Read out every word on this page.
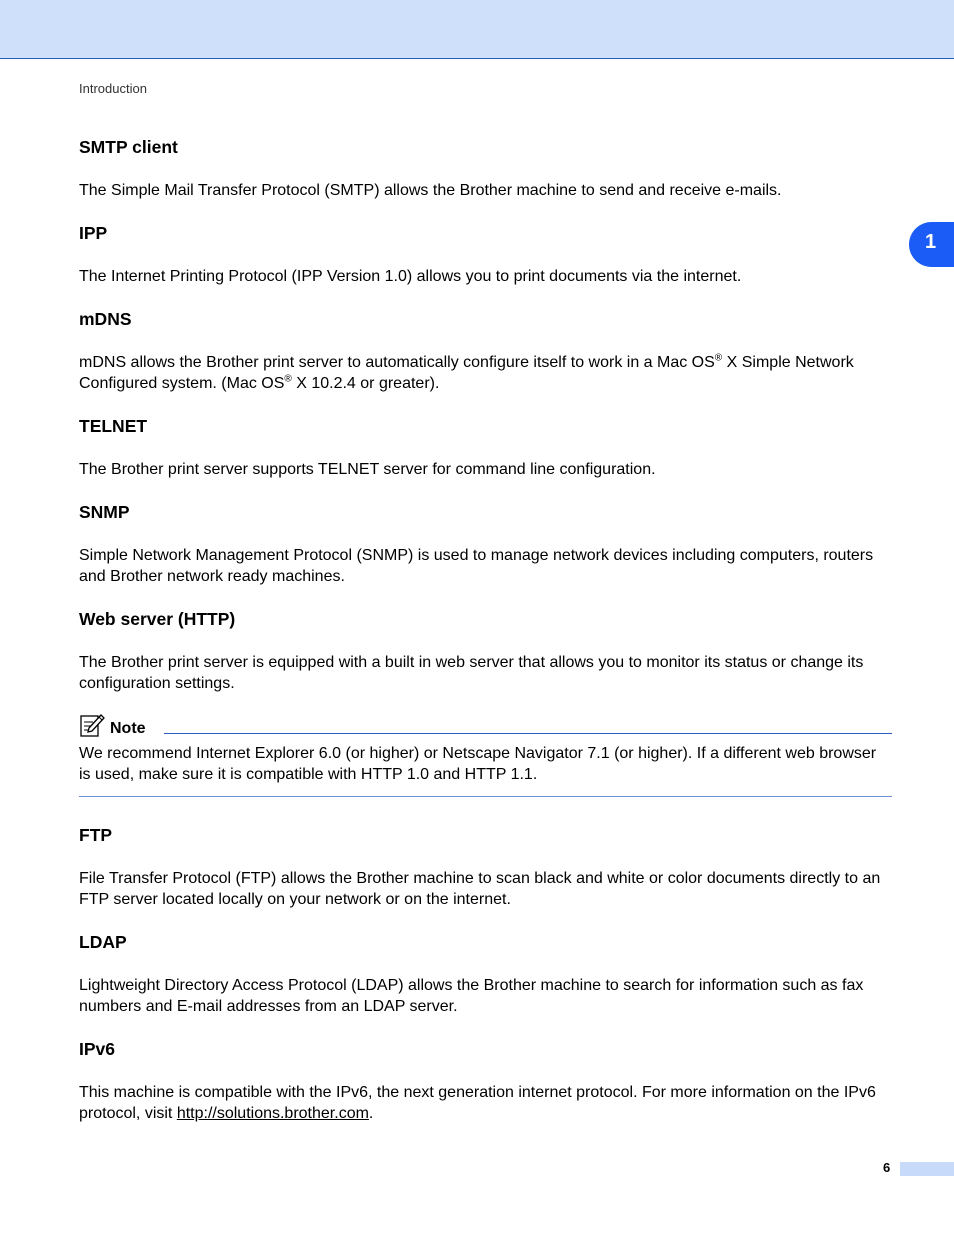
Introduction
1
SMTP client

The Simple Mail Transfer Protocol (SMTP) allows the Brother machine to send and receive e-mails.

IPP

The Internet Printing Protocol (IPP Version 1.0) allows you to print documents via the internet.

mDNS

mDNS allows the Brother print server to automatically configure itself to work in a Mac OS® X Simple Network Configured system. (Mac OS® X 10.2.4 or greater).

TELNET

The Brother print server supports TELNET server for command line configuration.

SNMP

Simple Network Management Protocol (SNMP) is used to manage network devices including computers, routers and Brother network ready machines.

Web server (HTTP)

The Brother print server is equipped with a built in web server that allows you to monitor its status or change its configuration settings.

Note
We recommend Internet Explorer 6.0 (or higher) or Netscape Navigator 7.1 (or higher). If a different web browser is used, make sure it is compatible with HTTP 1.0 and HTTP 1.1.
FTP

File Transfer Protocol (FTP) allows the Brother machine to scan black and white or color documents directly to an FTP server located locally on your network or on the internet.

LDAP

Lightweight Directory Access Protocol (LDAP) allows the Brother machine to search for information such as fax numbers and E-mail addresses from an LDAP server.

IPv6

This machine is compatible with the IPv6, the next generation internet protocol. For more information on the IPv6 protocol, visit http://solutions.brother.com.

6
